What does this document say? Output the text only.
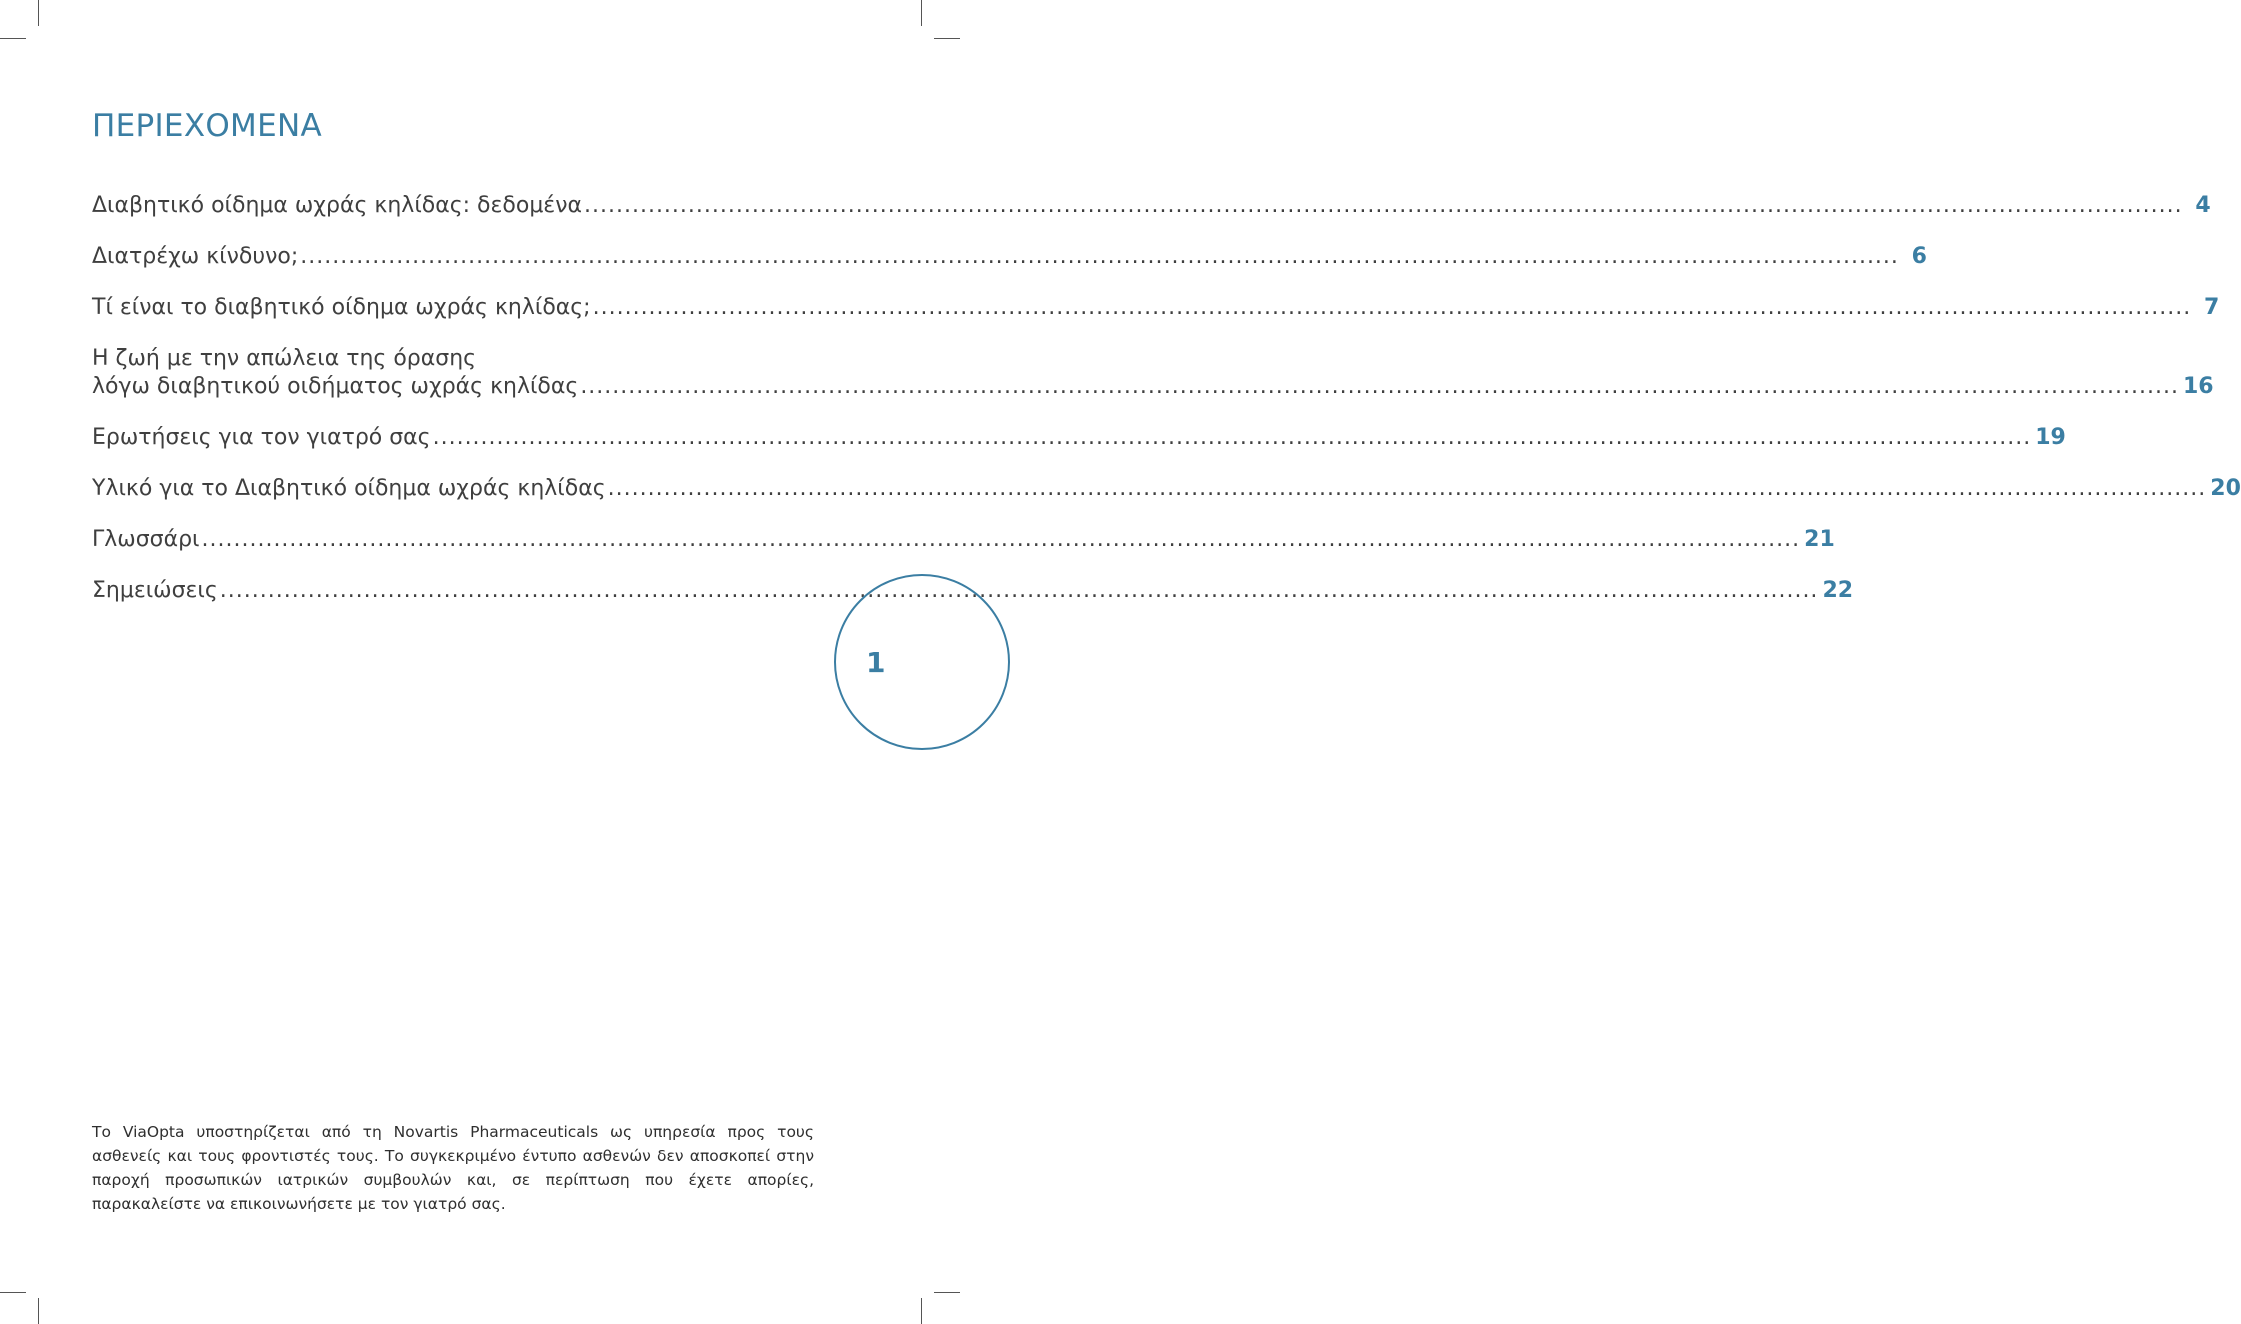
ΠΕΡΙΕΧΟΜΕΝΑ
Διαβητικό οίδημα ωχράς κηλίδας: δεδομένα ........................................................................................................................................................................................................ 4
Διατρέχω κίνδυνο; ........................................................................................................................................................................................................ 6
Τί είναι το διαβητικό οίδημα ωχράς κηλίδας; ........................................................................................................................................................................................................ 7
Η ζωή με την απώλεια της όρασης
λόγω διαβητικού οιδήματος ωχράς κηλίδας ........................................................................................................................................................................................................ 16
Ερωτήσεις για τον γιατρό σας ........................................................................................................................................................................................................ 19
Υλικό για το Διαβητικό οίδημα ωχράς κηλίδας ........................................................................................................................................................................................................ 20
Γλωσσάρι ........................................................................................................................................................................................................ 21
Σημειώσεις ........................................................................................................................................................................................................ 22
1

Το ViaOpta υποστηρίζεται από τη Novartis Pharmaceuticals ως υπηρεσία προς τους ασθενείς και τους φροντιστές τους. Το συγκεκριμένο έντυπο ασθενών δεν αποσκοπεί στην παροχή προσωπικών ιατρικών συμβουλών και, σε περίπτωση που έχετε απορίες, παρακαλείστε να επικοινωνήσετε με τον γιατρό σας.
